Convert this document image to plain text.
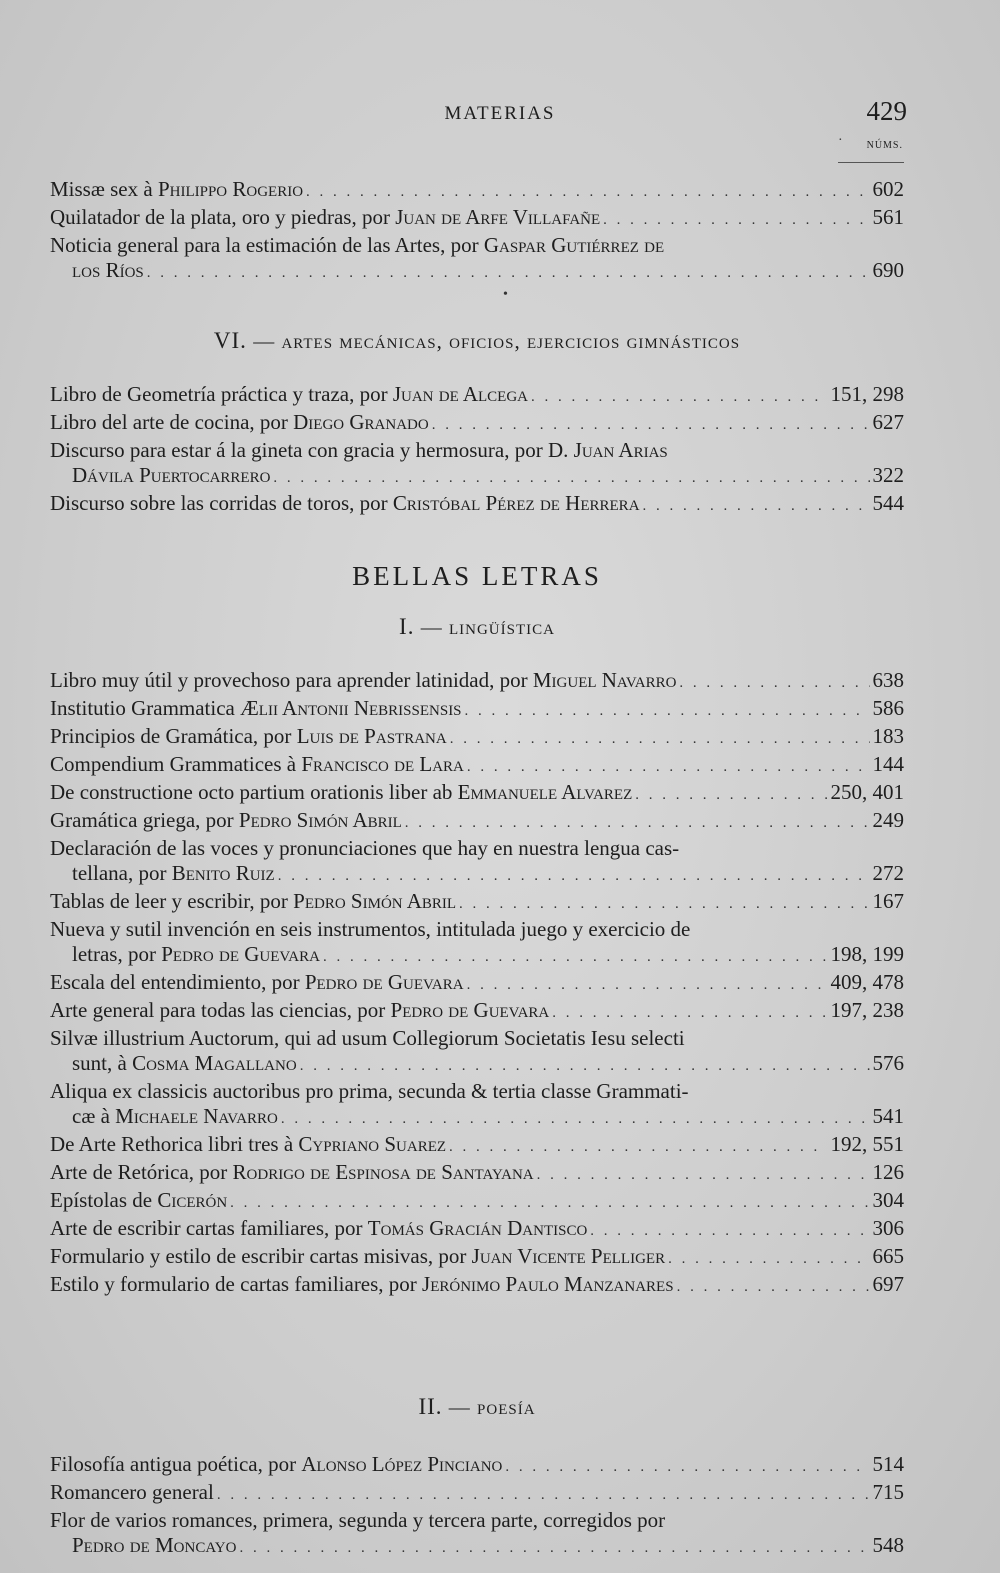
MATERIAS	429
NÚMS.
·
•
Missæ sex à Philippo Rogerio . . .	602
Quilatador de la plata, oro y piedras, por Juan de Arfe Villafañe . . .	561
Noticia general para la estimación de las Artes, por Gaspar Gutiérrez de
los Ríos . . .	690
VI. — artes mecánicas, oficios, ejercicios gimnásticos
Libro de Geometría práctica y traza, por Juan de Alcega . . .	151, 298
Libro del arte de cocina, por Diego Granado . . .	627
Discurso para estar á la gineta con gracia y hermosura, por D. Juan Arias
Dávila Puertocarrero . . .	322
Discurso sobre las corridas de toros, por Cristóbal Pérez de Herrera . . .	544
BELLAS LETRAS
I. — lingüística
Libro muy útil y provechoso para aprender latinidad, por Miguel Navarro . . .	638
Institutio Grammatica Ælii Antonii Nebrissensis . . .	586
Principios de Gramática, por Luis de Pastrana . . .	183
Compendium Grammatices à Francisco de Lara . . .	144
De constructione octo partium orationis liber ab Emmanuele Alvarez . . .	250, 401
Gramática griega, por Pedro Simón Abril . . .	249
Declaración de las voces y pronunciaciones que hay en nuestra lengua cas-
tellana, por Benito Ruiz . . .	272
Tablas de leer y escribir, por Pedro Simón Abril . . .	167
Nueva y sutil invención en seis instrumentos, intitulada juego y exercicio de
letras, por Pedro de Guevara . . .	198, 199
Escala del entendimiento, por Pedro de Guevara . . .	409, 478
Arte general para todas las ciencias, por Pedro de Guevara . . .	197, 238
Silvæ illustrium Auctorum, qui ad usum Collegiorum Societatis Iesu selecti
sunt, à Cosma Magallano . . .	576
Aliqua ex classicis auctoribus pro prima, secunda & tertia classe Grammati-
cæ à Michaele Navarro . . .	541
De Arte Rethorica libri tres à Cypriano Suarez . . .	192, 551
Arte de Retórica, por Rodrigo de Espinosa de Santayana . . .	126
Epístolas de Cicerón . . .	304
Arte de escribir cartas familiares, por Tomás Gracián Dantisco . . .	306
Formulario y estilo de escribir cartas misivas, por Juan Vicente Pelliger . . .	665
Estilo y formulario de cartas familiares, por Jerónimo Paulo Manzanares . . .	697
II. — poesía
Filosofía antigua poética, por Alonso López Pinciano . . .	514
Romancero general . . .	715
Flor de varios romances, primera, segunda y tercera parte, corregidos por
Pedro de Moncayo . . .	548
